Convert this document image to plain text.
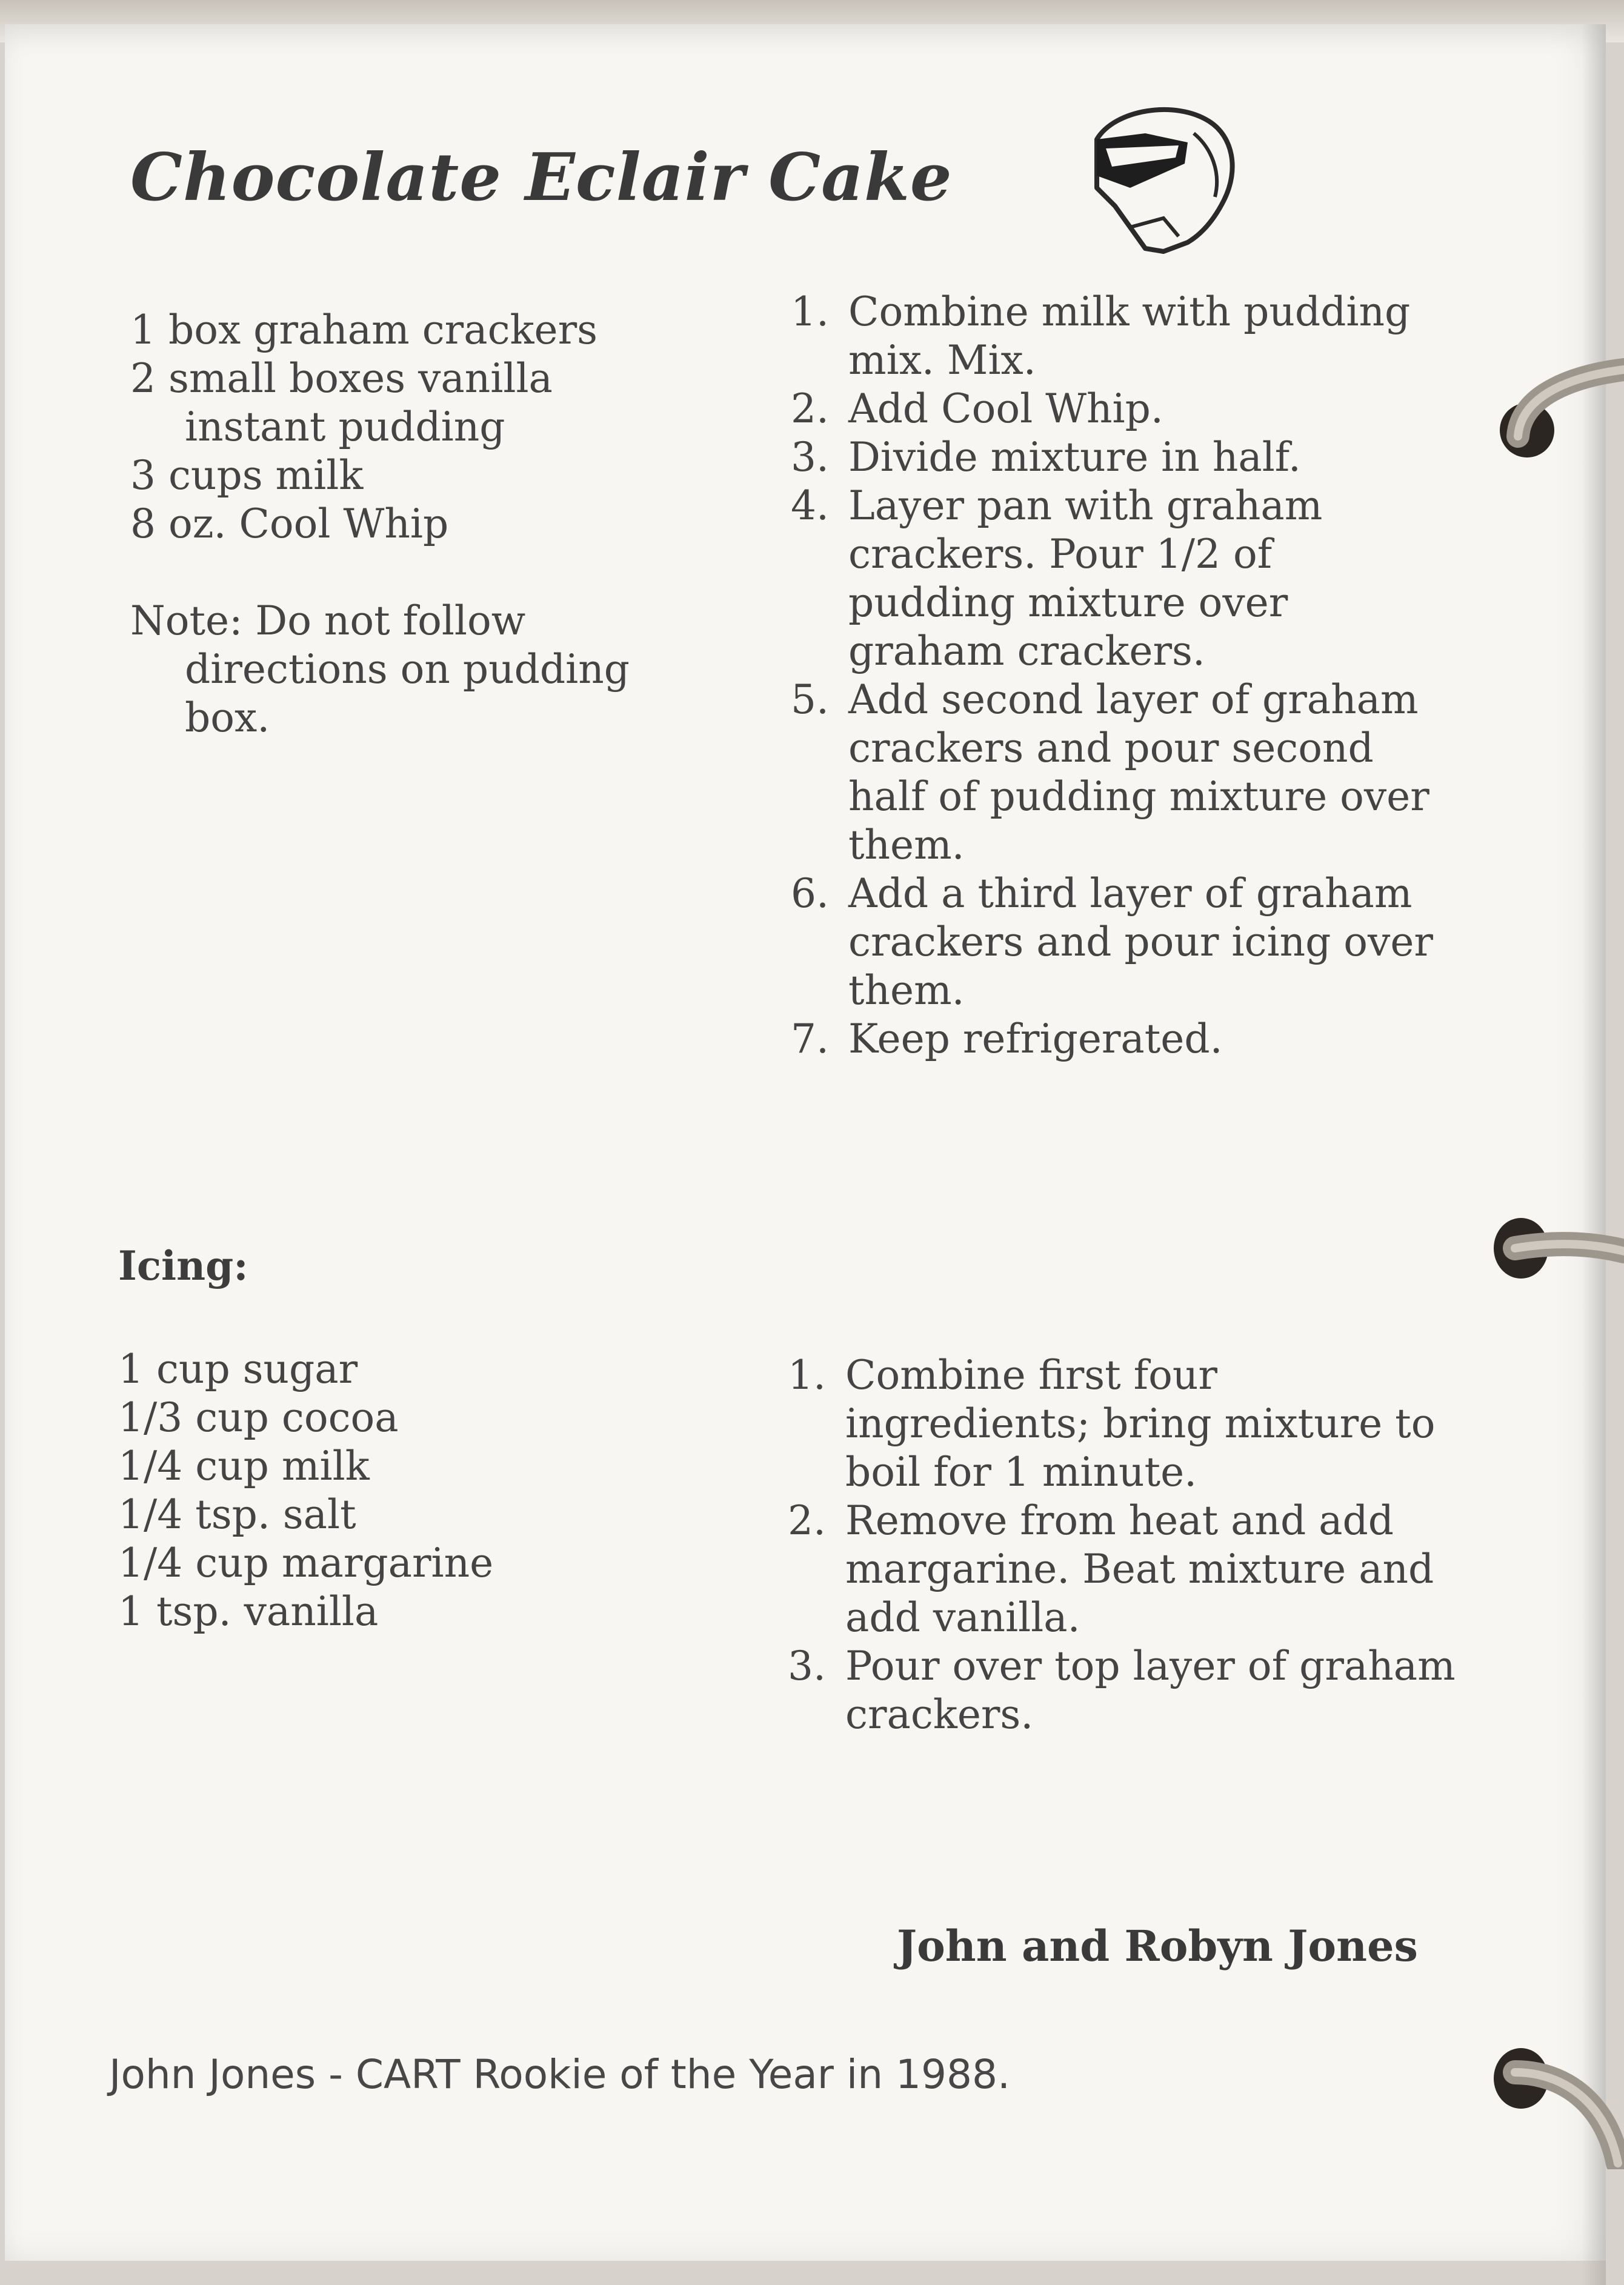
Chocolate Eclair Cake
1 box graham crackers
2 small boxes vanilla instant pudding
3 cups milk
8 oz. Cool Whip
Note: Do not follow directions on pudding box.
1. Combine milk with pudding mix. Mix.
2. Add Cool Whip.
3. Divide mixture in half.
4. Layer pan with graham crackers. Pour 1/2 of pudding mixture over graham crackers.
5. Add second layer of graham crackers and pour second half of pudding mixture over them.
6. Add a third layer of graham crackers and pour icing over them.
7. Keep refrigerated.
Icing:
1 cup sugar
1/3 cup cocoa
1/4 cup milk
1/4 tsp. salt
1/4 cup margarine
1 tsp. vanilla
1. Combine first four ingredients; bring mixture to boil for 1 minute.
2. Remove from heat and add margarine. Beat mixture and add vanilla.
3. Pour over top layer of graham crackers.
John and Robyn Jones
John Jones - CART Rookie of the Year in 1988.
